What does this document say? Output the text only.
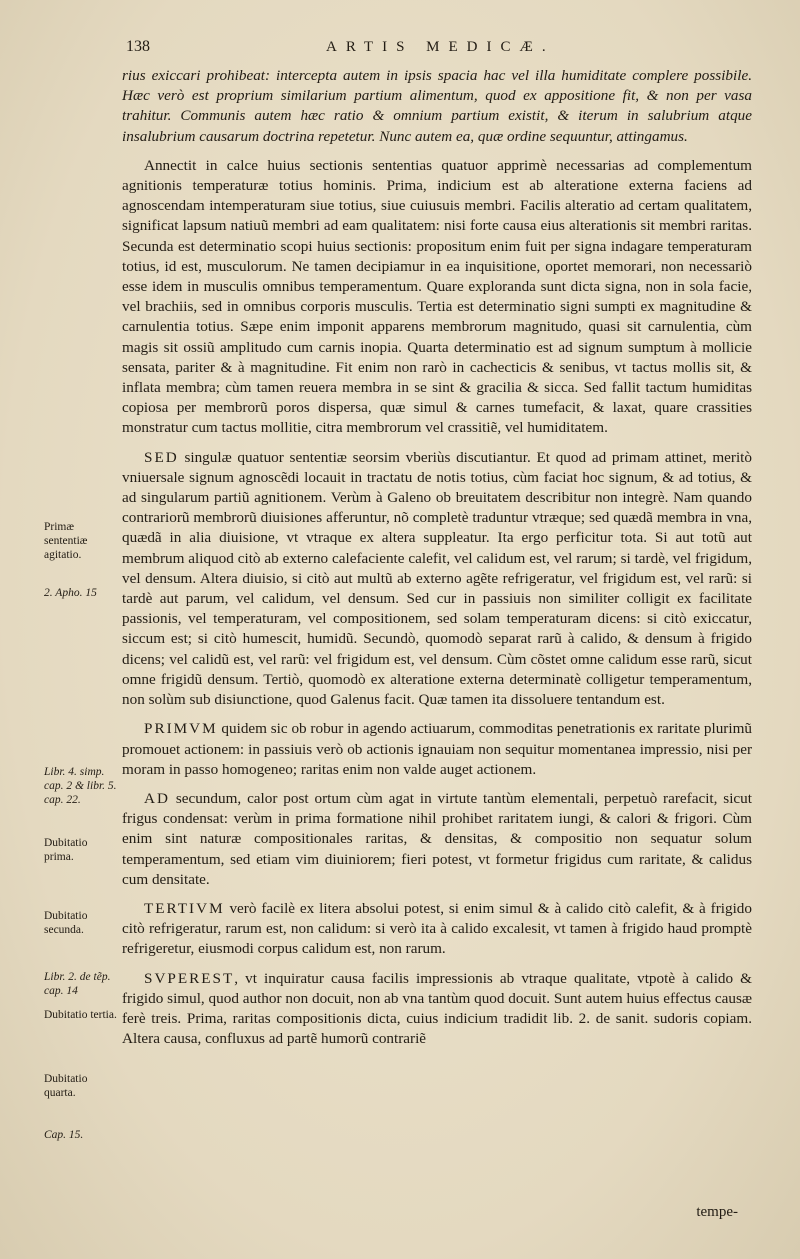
138	ARTIS MEDICÆ.
Primæ sententiæ agitatio.
2. Apho. 15
Libr. 4. simp. cap. 2 & libr. 5. cap. 22.
Dubitatio prima.
Dubitatio secunda.
Libr. 2. de tẽp. cap. 14
Dubitatio tertia.
Dubitatio quarta.
Cap. 15.

rius exiccari prohibeat: intercepta autem in ipsis spacia hac vel illa humiditate complere possibile. Hæc verò est proprium similarium partium alimentum, quod ex appositione fit, & non per vasa trahitur. Communis autem hæc ratio & omnium partium existit, & iterum in salubrium atque insalubrium causarum doctrina repetetur. Nunc autem ea, quæ ordine sequuntur, attingamus.

Annectit in calce huius sectionis sententias quatuor apprimè necessarias ad complementum agnitionis temperaturæ totius hominis. Prima, indicium est ab alteratione externa faciens ad agnoscendam intemperaturam siue totius, siue cuiusuis membri. Facilis alteratio ad certam qualitatem, significat lapsum natiuũ membri ad eam qualitatem: nisi forte causa eius alterationis sit membri raritas. Secunda est determinatio scopi huius sectionis: propositum enim fuit per signa indagare temperaturam totius, id est, musculorum. Ne tamen decipiamur in ea inquisitione, oportet memorari, non necessariò esse idem in musculis omnibus temperamentum. Quare exploranda sunt dicta signa, non in sola facie, vel brachiis, sed in omnibus corporis musculis. Tertia est determinatio signi sumpti ex magnitudine & carnulentia totius. Sæpe enim imponit apparens membrorum magnitudo, quasi sit carnulentia, cùm magis sit ossiũ amplitudo cum carnis inopia. Quarta determinatio est ad signum sumptum à mollicie sensata, pariter & à magnitudine. Fit enim non rarò in cachecticis & senibus, vt tactus mollis sit, & inflata membra; cùm tamen reuera membra in se sint & gracilia & sicca. Sed fallit tactum humiditas copiosa per membrorũ poros dispersa, quæ simul & carnes tumefacit, & laxat, quare crassities monstratur cum tactus mollitie, citra membrorum vel crassitiẽ, vel humiditatem.

SED singulæ quatuor sententiæ seorsim vberiùs discutiantur. Et quod ad primam attinet, meritò vniuersale signum agnoscẽdi locauit in tractatu de notis totius, cùm faciat hoc signum, & ad totius, & ad singularum partiũ agnitionem. Verùm à Galeno ob breuitatem describitur non integrè. Nam quando contrariorũ membrorũ diuisiones afferuntur, nõ completè traduntur vtræque; sed quædã membra in vna, quædã in alia diuisione, vt vtraque ex altera suppleatur. Ita ergo perficitur tota. Si aut totũ aut membrum aliquod citò ab externo calefaciente calefit, vel calidum est, vel rarum; si tardè, vel frigidum, vel densum. Altera diuisio, si citò aut multũ ab externo agẽte refrigeratur, vel frigidum est, vel rarũ: si tardè aut parum, vel calidum, vel densum. Sed cur in passiuis non similiter colligit ex facilitate passionis, vel temperaturam, vel compositionem, sed solam temperaturam dicens: si citò exiccatur, siccum est; si citò humescit, humidũ. Secundò, quomodò separat rarũ à calido, & densum à frigido dicens; vel calidũ est, vel rarũ: vel frigidum est, vel densum. Cùm cõstet omne calidum esse rarũ, sicut omne frigidũ densum. Tertiò, quomodò ex alteratione externa determinatè colligetur temperamentum, non solùm sub disiunctione, quod Galenus facit. Quæ tamen ita dissoluere tentandum est.

PRIMVM quidem sic ob robur in agendo actiuarum, commoditas penetrationis ex raritate plurimũ promouet actionem: in passiuis verò ob actionis ignauiam non sequitur momentanea impressio, nisi per moram in passo homogeneo; raritas enim non valde auget actionem.

AD secundum, calor post ortum cùm agat in virtute tantùm elementali, perpetuò rarefacit, sicut frigus condensat: verùm in prima formatione nihil prohibet raritatem iungi, & calori & frigori. Cùm enim sint naturæ compositionales raritas, & densitas, & compositio non sequatur solum temperamentum, sed etiam vim diuiniorem; fieri potest, vt formetur frigidus cum raritate, & calidus cum densitate.

TERTIVM verò facilè ex litera absolui potest, si enim simul & à calido citò calefit, & à frigido citò refrigeratur, rarum est, non calidum: si verò ita à calido excalesit, vt tamen à frigido haud promptè refrigeretur, eiusmodi corpus calidum est, non rarum.

SVPEREST, vt inquiratur causa facilis impressionis ab vtraque qualitate, vtpotè à calido & frigido simul, quod author non docuit, non ab vna tantùm quod docuit. Sunt autem huius effectus causæ ferè treis. Prima, raritas compositionis dicta, cuius indicium tradidit lib. 2. de sanit. sudoris copiam. Altera causa, confluxus ad partẽ humorũ contrariẽ

tempe-
